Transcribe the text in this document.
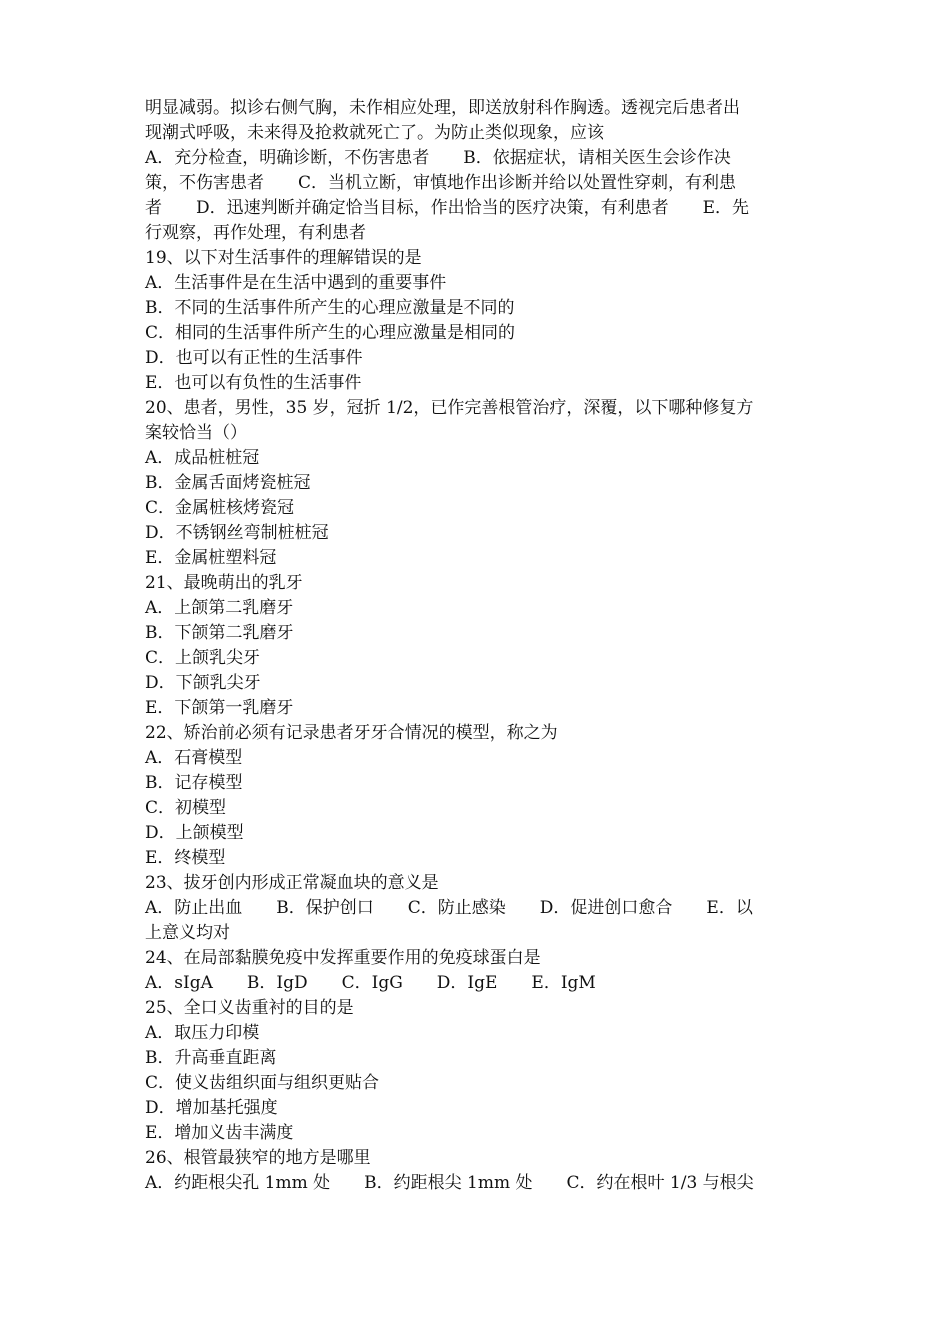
明显减弱。拟诊右侧气胸，未作相应处理，即送放射科作胸透。透视完后患者出
现潮式呼吸，未来得及抢救就死亡了。为防止类似现象，应该
A．充分检查，明确诊断，不伤害患者　　B．依据症状，请相关医生会诊作决
策，不伤害患者　　C．当机立断，审慎地作出诊断并给以处置性穿刺，有利患
者　　D．迅速判断并确定恰当目标，作出恰当的医疗决策，有利患者　　E．先
行观察，再作处理，有利患者
19、以下对生活事件的理解错误的是
A．生活事件是在生活中遇到的重要事件
B．不同的生活事件所产生的心理应激量是不同的
C．相同的生活事件所产生的心理应激量是相同的
D．也可以有正性的生活事件
E．也可以有负性的生活事件
20、患者，男性，35 岁，冠折 1/2，已作完善根管治疗，深覆，以下哪种修复方
案较恰当（）
A．成品桩桩冠
B．金属舌面烤瓷桩冠
C．金属桩核烤瓷冠
D．不锈钢丝弯制桩桩冠
E．金属桩塑料冠
21、最晚萌出的乳牙
A．上颌第二乳磨牙
B．下颌第二乳磨牙
C．上颌乳尖牙
D．下颌乳尖牙
E．下颌第一乳磨牙
22、矫治前必须有记录患者牙牙合情况的模型，称之为
A．石膏模型
B．记存模型
C．初模型
D．上颌模型
E．终模型
23、拔牙创内形成正常凝血块的意义是
A．防止出血　　B．保护创口　　C．防止感染　　D．促进创口愈合　　E．以
上意义均对
24、在局部黏膜免疫中发挥重要作用的免疫球蛋白是
A．sIgA　　B．IgD　　C．IgG　　D．IgE　　E．IgM
25、全口义齿重衬的目的是
A．取压力印模
B．升高垂直距离
C．使义齿组织面与组织更贴合
D．增加基托强度
E．增加义齿丰满度
26、根管最狭窄的地方是哪里
A．约距根尖孔 1mm 处　　B．约距根尖 1mm 处　　C．约在根叶 1/3 与根尖
